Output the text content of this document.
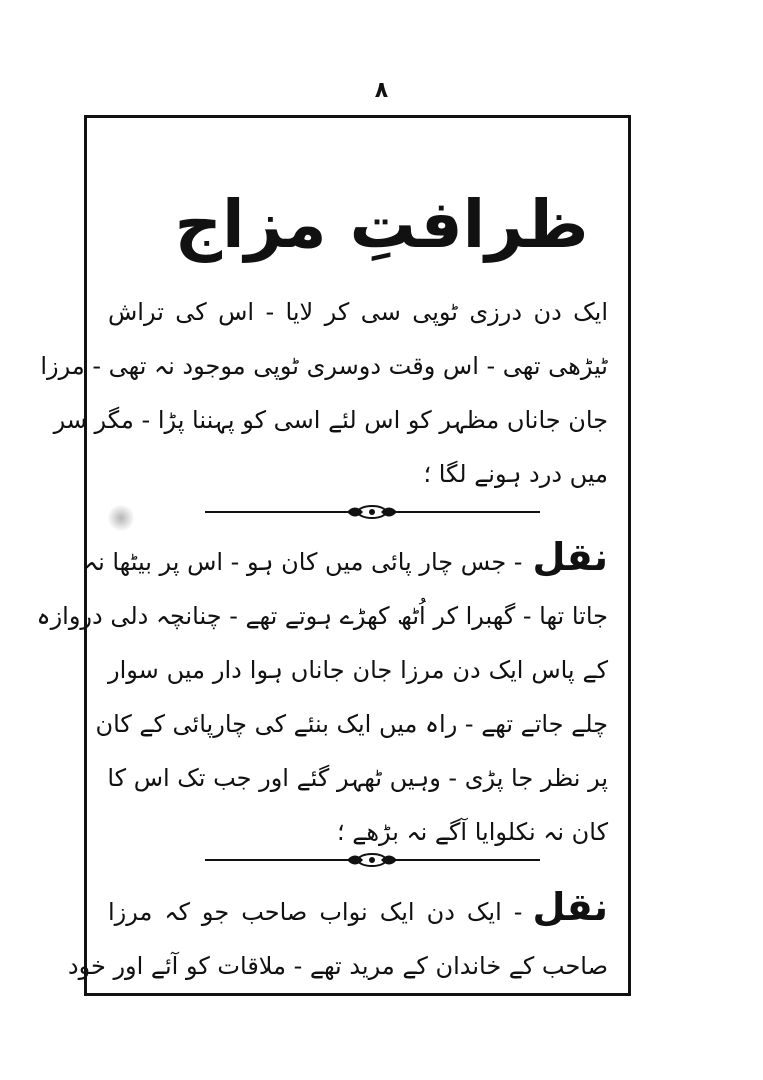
۸
ظرافتِ مزاج
ایک دن درزی ٹوپی سی کر لایا - اس کی تراش
ٹیڑھی تھی - اس وقت دوسری ٹوپی موجود نہ تھی - مرزا
جان جاناں مظہر کو اس لئے اسی کو پہننا پڑا - مگر سر
میں درد ہونے لگا ؛
نقل- جس چار پائی میں کان ہو - اس پر بیٹھا نہ
جاتا تھا - گھبرا کر اُٹھ کھڑے ہوتے تھے - چنانچہ دلی دروازہ
کے پاس ایک دن مرزا جان جاناں ہوا دار میں سوار
چلے جاتے تھے - راہ میں ایک بنئے کی چارپائی کے کان
پر نظر جا پڑی - وہیں ٹھہر گئے اور جب تک اس کا
کان نہ نکلوایا آگے نہ بڑھے ؛
نقل- ایک دن ایک نواب صاحب جو کہ مرزا
صاحب کے خاندان کے مرید تھے - ملاقات کو آئے اور خود
